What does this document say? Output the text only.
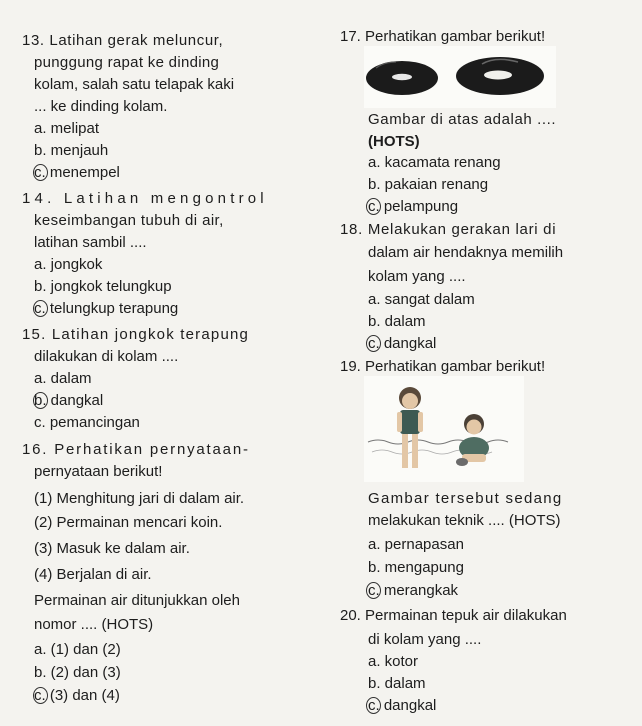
13. Latihan gerak meluncur,
punggung rapat ke dinding
kolam, salah satu telapak kaki
... ke dinding kolam.
a. melipat
b. menjauh
c. menempel
14. Latihan mengontrol
keseimbangan tubuh di air,
latihan sambil ....
a. jongkok
b. jongkok telungkup
c. telungkup terapung
15. Latihan jongkok terapung
dilakukan di kolam ....
a. dalam
b. dangkal
c. pemancingan
16. Perhatikan pernyataan-
pernyataan berikut!
(1) Menghitung jari di dalam air.
(2) Permainan mencari koin.
(3) Masuk ke dalam air.
(4) Berjalan di air.
Permainan air ditunjukkan oleh
nomor .... (HOTS)
a. (1) dan (2)
b. (2) dan (3)
c. (3) dan (4)
17. Perhatikan gambar berikut!
Gambar di atas adalah ....
(HOTS)
a. kacamata renang
b. pakaian renang
c. pelampung
18. Melakukan gerakan lari di
dalam air hendaknya memilih
kolam yang ....
a. sangat dalam
b. dalam
c. dangkal
19. Perhatikan gambar berikut!
Gambar tersebut sedang
melakukan teknik .... (HOTS)
a. pernapasan
b. mengapung
c. merangkak
20. Permainan tepuk air dilakukan
di kolam yang ....
a. kotor
b. dalam
c. dangkal
